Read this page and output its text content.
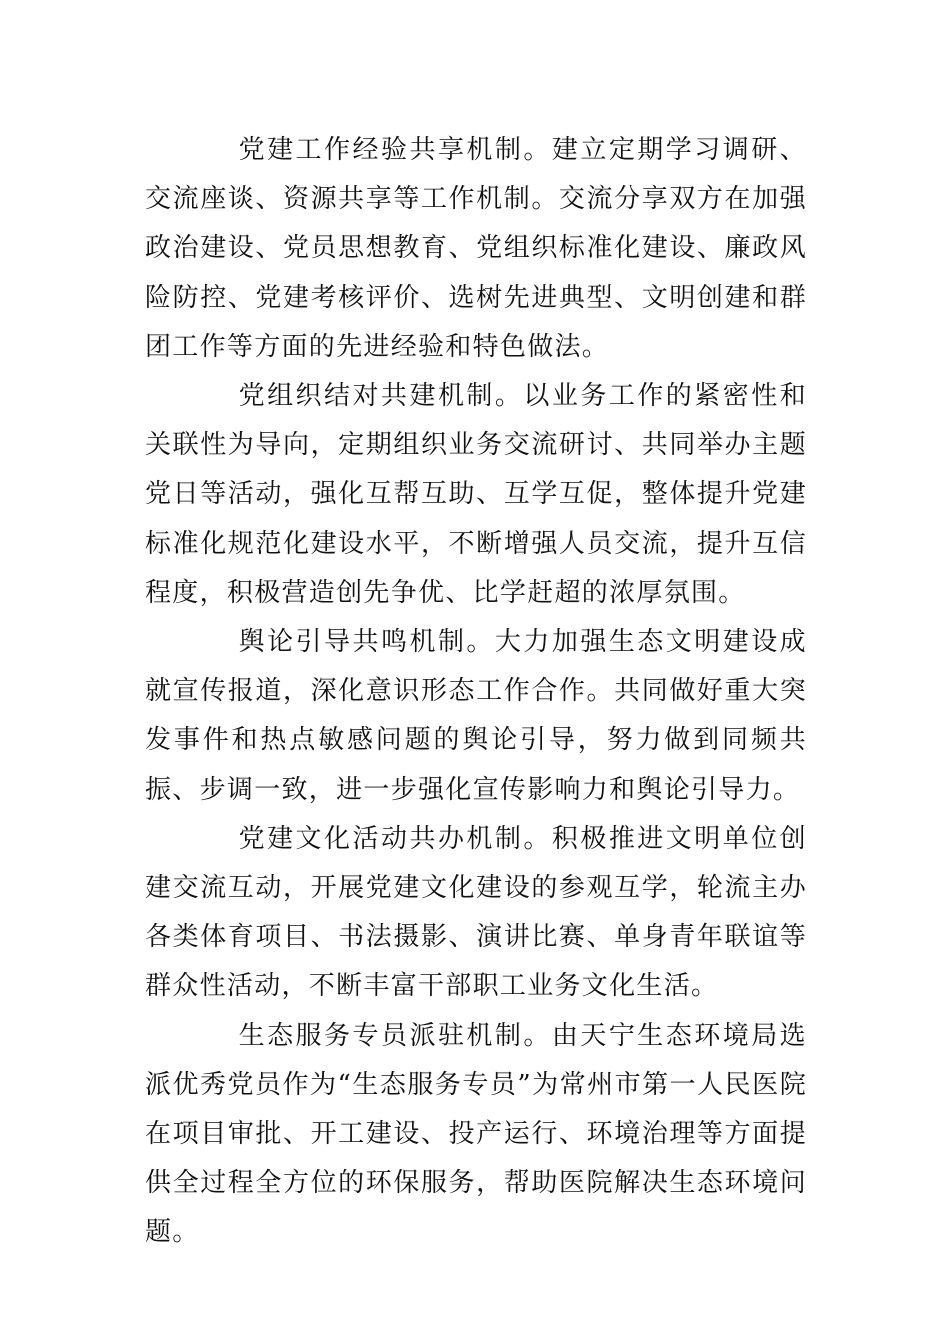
党建工作经验共享机制。建立定期学习调研、交流座谈、资源共享等工作机制。交流分享双方在加强政治建设、党员思想教育、党组织标准化建设、廉政风险防控、党建考核评价、选树先进典型、文明创建和群团工作等方面的先进经验和特色做法。

党组织结对共建机制。以业务工作的紧密性和关联性为导向，定期组织业务交流研讨、共同举办主题党日等活动，强化互帮互助、互学互促，整体提升党建标准化规范化建设水平，不断增强人员交流，提升互信程度，积极营造创先争优、比学赶超的浓厚氛围。

舆论引导共鸣机制。大力加强生态文明建设成就宣传报道，深化意识形态工作合作。共同做好重大突发事件和热点敏感问题的舆论引导，努力做到同频共振、步调一致，进一步强化宣传影响力和舆论引导力。

党建文化活动共办机制。积极推进文明单位创建交流互动，开展党建文化建设的参观互学，轮流主办各类体育项目、书法摄影、演讲比赛、单身青年联谊等群众性活动，不断丰富干部职工业务文化生活。

生态服务专员派驻机制。由天宁生态环境局选派优秀党员作为“生态服务专员”为常州市第一人民医院在项目审批、开工建设、投产运行、环境治理等方面提供全过程全方位的环保服务，帮助医院解决生态环境问题。
